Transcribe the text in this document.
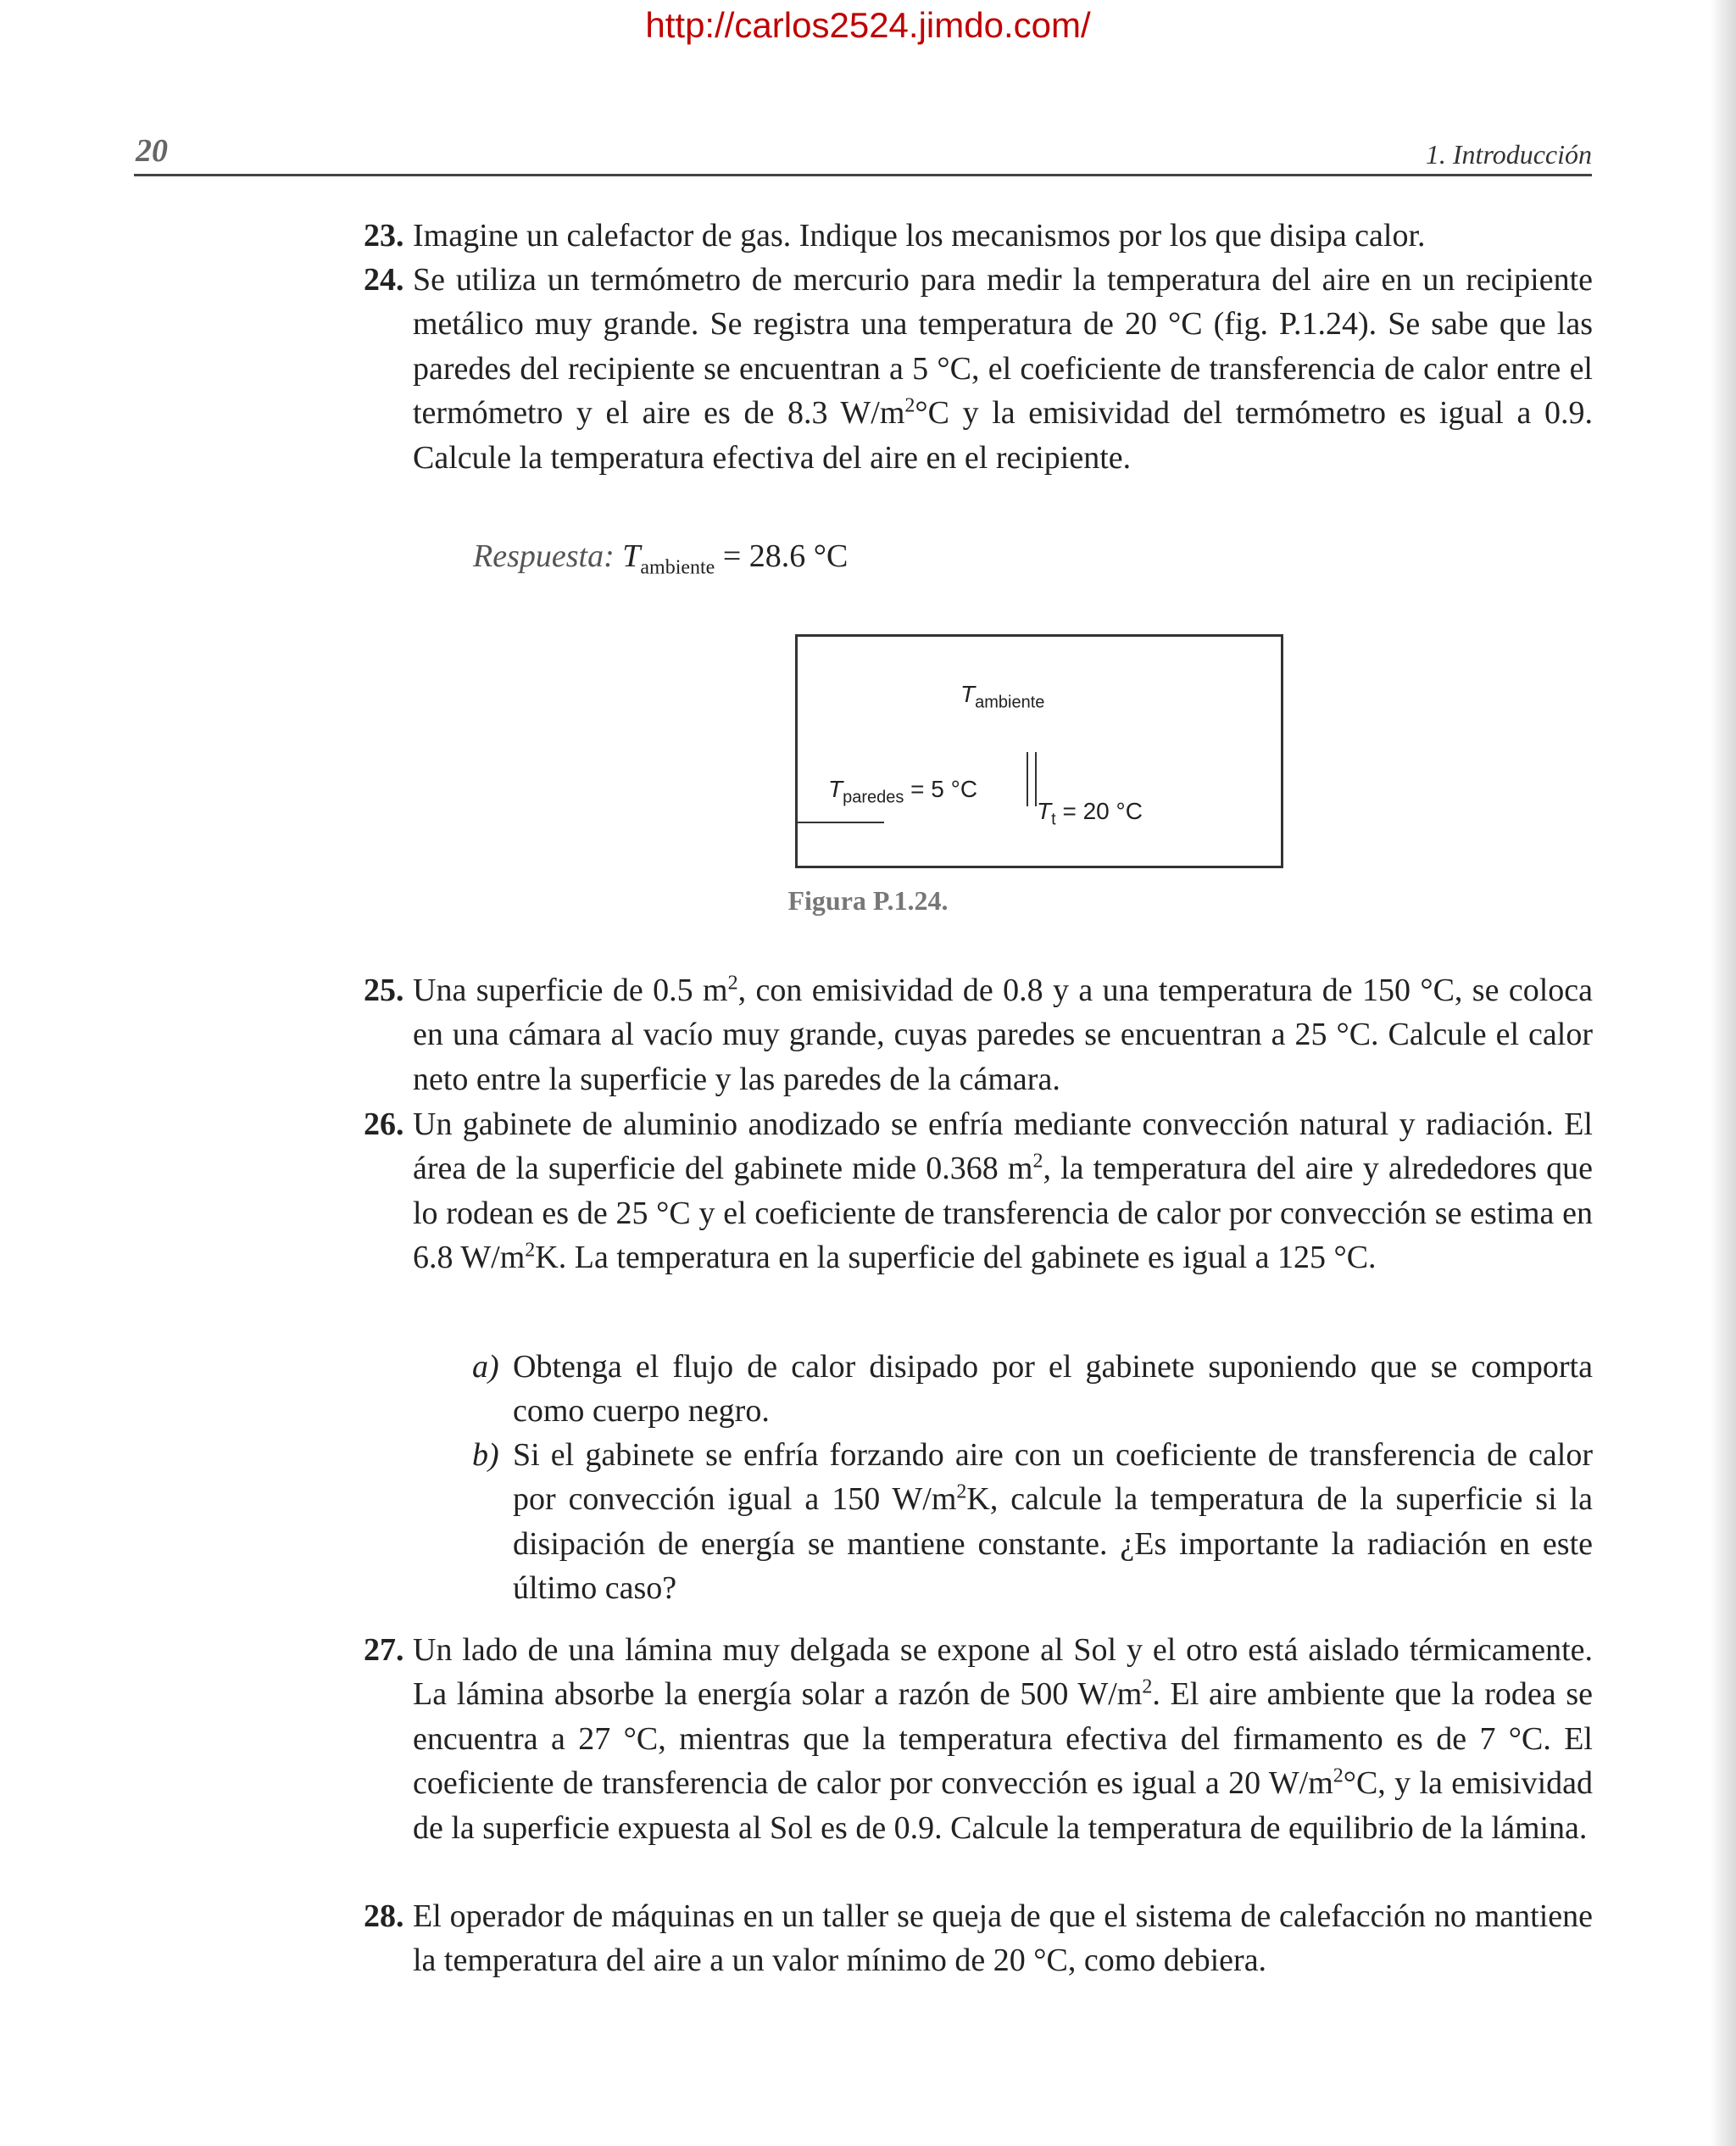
http://carlos2524.jimdo.com/
20	1. Introducción
23. Imagine un calefactor de gas. Indique los mecanismos por los que disipa calor.
24. Se utiliza un termómetro de mercurio para medir la temperatura del aire en un recipiente metálico muy grande. Se registra una temperatura de 20 °C (fig. P.1.24). Se sabe que las paredes del recipiente se encuentran a 5 °C, el coeficiente de transferencia de calor entre el termómetro y el aire es de 8.3 $W/m^2^\circ C$ y la emisividad del termómetro es igual a 0.9. Calcule la temperatura efectiva del aire en el recipiente.
Respuesta: $T_{ambiente} = 28.6$ °C
$T_{ambiente}$
$T_{paredes} = 5$ °C
$T_t = 20$ °C
Figura P.1.24.
25. Una superficie de 0.5 $m^2$, con emisividad de 0.8 y a una temperatura de 150 °C, se coloca en una cámara al vacío muy grande, cuyas paredes se encuentran a 25 °C. Calcule el calor neto entre la superficie y las paredes de la cámara.
26. Un gabinete de aluminio anodizado se enfría mediante convección natural y radiación. El área de la superficie del gabinete mide 0.368 $m^2$, la temperatura del aire y alrededores que lo rodean es de 25 °C y el coeficiente de transferencia de calor por convección se estima en 6.8 $W/m^2K$. La temperatura en la superficie del gabinete es igual a 125 °C.
a) Obtenga el flujo de calor disipado por el gabinete suponiendo que se comporta como cuerpo negro.
b) Si el gabinete se enfría forzando aire con un coeficiente de transferencia de calor por convección igual a 150 $W/m^2K$, calcule la temperatura de la superficie si la disipación de energía se mantiene constante. ¿Es importante la radiación en este último caso?
27. Un lado de una lámina muy delgada se expone al Sol y el otro está aislado térmicamente. La lámina absorbe la energía solar a razón de 500 $W/m^2$. El aire ambiente que la rodea se encuentra a 27 °C, mientras que la temperatura efectiva del firmamento es de 7 °C. El coeficiente de transferencia de calor por convección es igual a 20 $W/m^2^\circ C$, y la emisividad de la superficie expuesta al Sol es de 0.9. Calcule la temperatura de equilibrio de la lámina.
28. El operador de máquinas en un taller se queja de que el sistema de calefacción no mantiene la temperatura del aire a un valor mínimo de 20 °C, como debiera.
